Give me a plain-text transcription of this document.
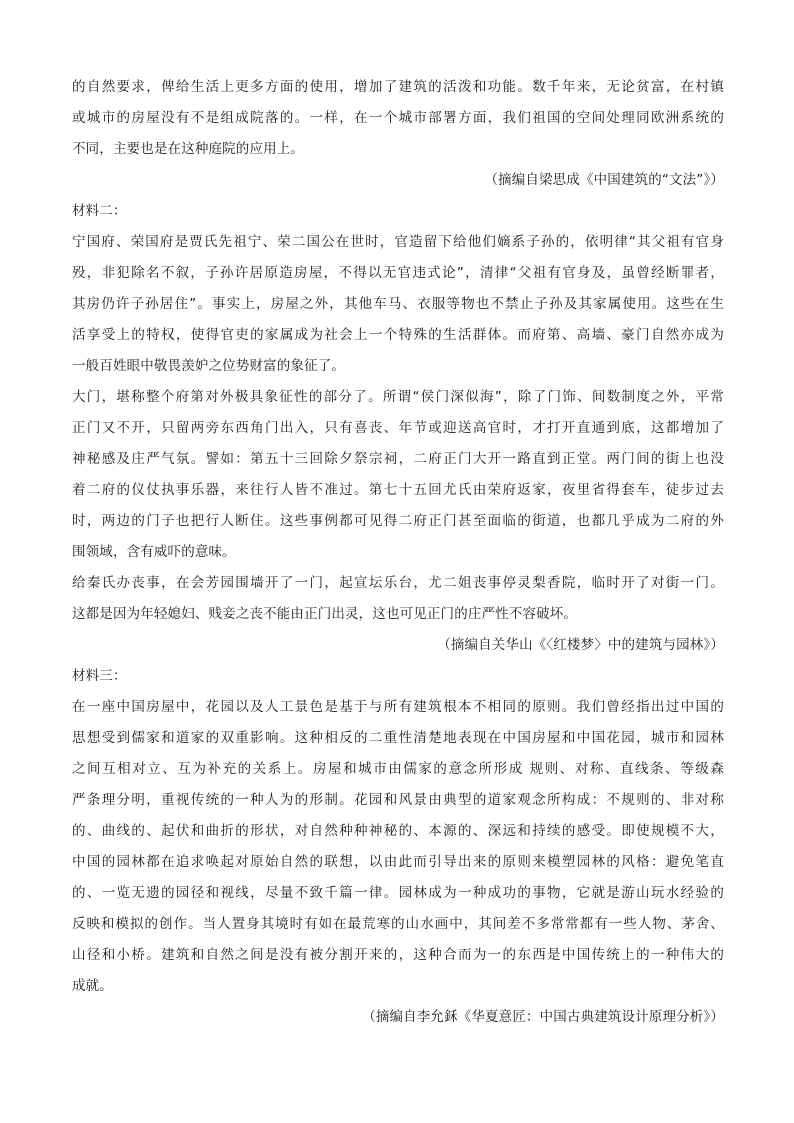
的自然要求，俾给生活上更多方面的使用，增加了建筑的活泼和功能。数千年来，无论贫富，在村镇
或城市的房屋没有不是组成院落的。一样，在一个城市部署方面，我们祖国的空间处理同欧洲系统的
不同，主要也是在这种庭院的应用上。
（摘编自梁思成《中国建筑的“文法”》）
材料二：
宁国府、荣国府是贾氏先祖宁、荣二国公在世时，官造留下给他们嫡系子孙的，依明律“其父祖有官身
殁，非犯除名不叙，子孙许居原造房屋，不得以无官违式论”，清律“父祖有官身及，虽曾经断罪者，
其房仍许子孙居住”。事实上，房屋之外，其他车马、衣服等物也不禁止子孙及其家属使用。这些在生
活享受上的特权，使得官吏的家属成为社会上一个特殊的生活群体。而府第、高墙、豪门自然亦成为
一般百姓眼中敬畏羡妒之位势财富的象征了。
大门，堪称整个府第对外极具象征性的部分了。所谓“侯门深似海”，除了门饰、间数制度之外，平常
正门又不开，只留两旁东西角门出入，只有喜丧、年节或迎送高官时，才打开直通到底，这都增加了
神秘感及庄严气氛。譬如：第五十三回除夕祭宗祠，二府正门大开一路直到正堂。两门间的街上也没
着二府的仪仗执事乐器，来往行人皆不准过。第七十五回尤氏由荣府返家，夜里省得套车，徒步过去
时，两边的门子也把行人断住。这些事例都可见得二府正门甚至面临的街道，也都几乎成为二府的外
围领域，含有威吓的意味。
给秦氏办丧事，在会芳园围墙开了一门，起宣坛乐台，尤二姐丧事停灵梨香院，临时开了对街一门。
这都是因为年轻媳妇、贱妾之丧不能由正门出灵，这也可见正门的庄严性不容破坏。
（摘编自关华山《〈红楼梦〉中的建筑与园林》）
材料三：
在一座中国房屋中，花园以及人工景色是基于与所有建筑根本不相同的原则。我们曾经指出过中国的
思想受到儒家和道家的双重影响。这种相反的二重性清楚地表现在中国房屋和中国花园，城市和园林
之间互相对立、互为补充的关系上。房屋和城市由儒家的意念所形成 规则、对称、直线条、等级森
严条理分明，重视传统的一种人为的形制。花园和风景由典型的道家观念所构成：不规则的、非对称
的、曲线的、起伏和曲折的形状，对自然种种神秘的、本源的、深远和持续的感受。即使规模不大，
中国的园林都在追求唤起对原始自然的联想，以由此而引导出来的原则来模塑园林的风格：避免笔直
的、一览无遗的园径和视线，尽量不致千篇一律。园林成为一种成功的事物，它就是游山玩水经验的
反映和模拟的创作。当人置身其境时有如在最荒寒的山水画中，其间差不多常常都有一些人物、茅舍、
山径和小桥。建筑和自然之间是没有被分割开来的，这种合而为一的东西是中国传统上的一种伟大的
成就。
（摘编自李允鉌《华夏意匠：中国古典建筑设计原理分析》）
